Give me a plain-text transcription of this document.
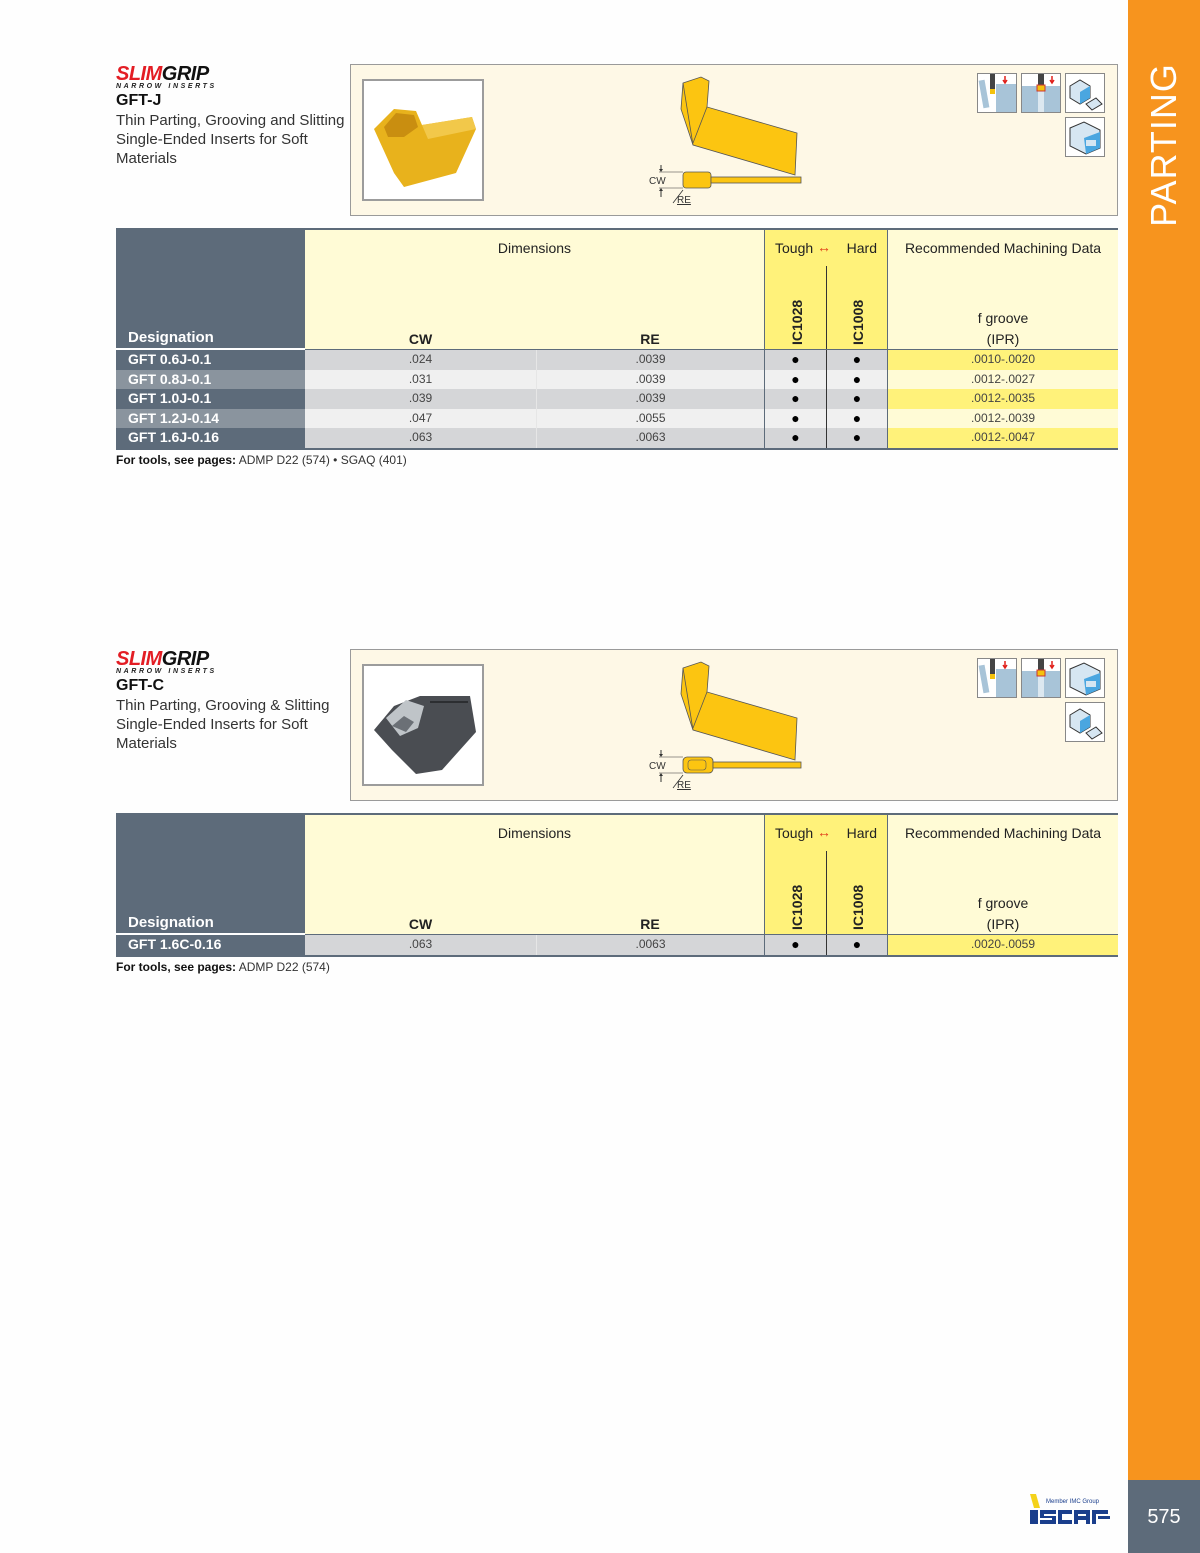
PARTING
575
Member IMC Group
SLIMGRIP
NARROW INSERTS
GFT-J
Thin Parting, Grooving and Slitting Single-Ended Inserts for Soft Materials
CW
RE
Designation
Dimensions
CW	RE
Tough ↔ Hard
IC1028	IC1008
Recommended Machining Data
f groove
(IPR)
GFT 0.6J-0.1	.024	.0039	●	●	.0010-.0020
GFT 0.8J-0.1	.031	.0039	●	●	.0012-.0027
GFT 1.0J-0.1	.039	.0039	●	●	.0012-.0035
GFT 1.2J-0.14	.047	.0055	●	●	.0012-.0039
GFT 1.6J-0.16	.063	.0063	●	●	.0012-.0047
For tools, see pages: ADMP D22 (574) • SGAQ (401)
SLIMGRIP
NARROW INSERTS
GFT-C
Thin Parting, Grooving & Slitting Single-Ended Inserts for Soft Materials
CW
RE
Designation
Dimensions
CW	RE
Tough ↔ Hard
IC1028	IC1008
Recommended Machining Data
f groove
(IPR)
GFT 1.6C-0.16	.063	.0063	●	●	.0020-.0059
For tools, see pages: ADMP D22 (574)
